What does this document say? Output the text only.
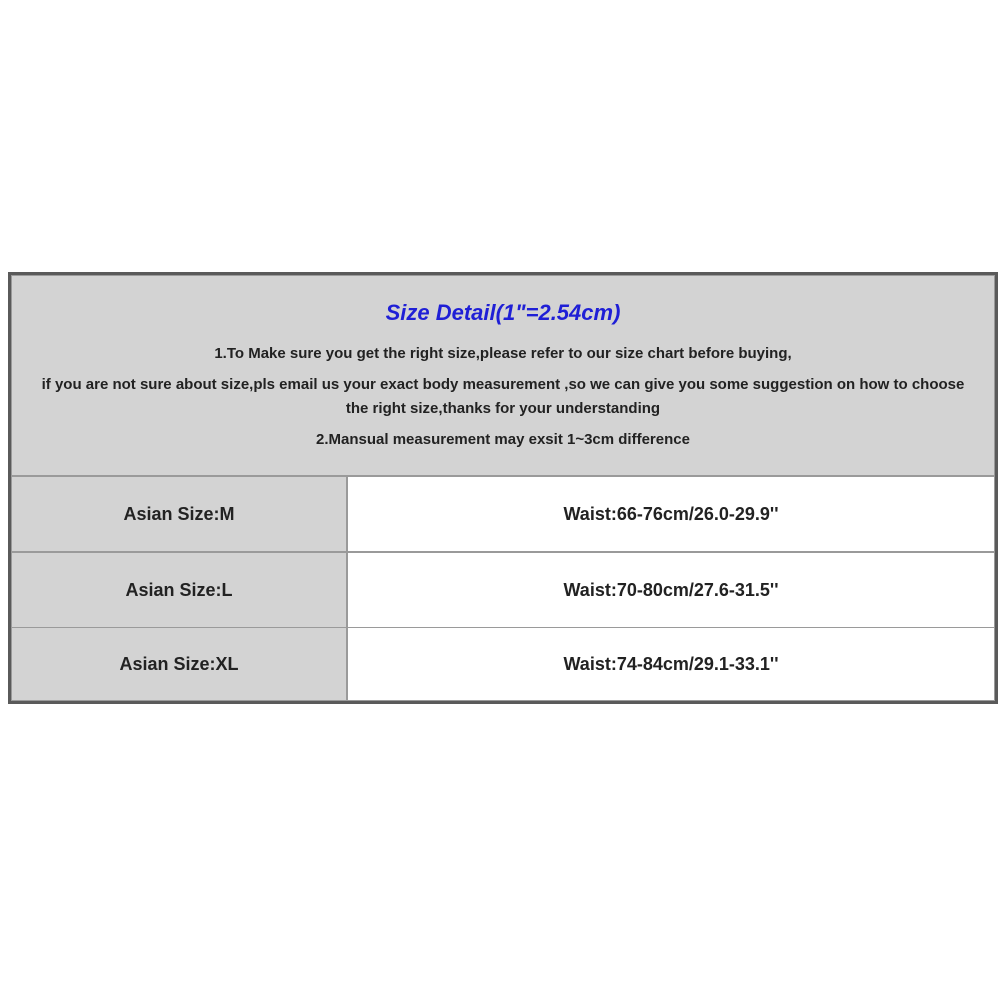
Size Detail(1"=2.54cm)
1.To Make sure you get the right size,please refer to our size chart before buying,
if you are not sure about size,pls email us your exact body measurement ,so we can give you some suggestion on how to choose
the right size,thanks for your understanding
2.Mansual measurement may exsit 1~3cm difference
Asian Size:M	Waist:66-76cm/26.0-29.9''
Asian Size:L	Waist:70-80cm/27.6-31.5''
Asian Size:XL	Waist:74-84cm/29.1-33.1''
